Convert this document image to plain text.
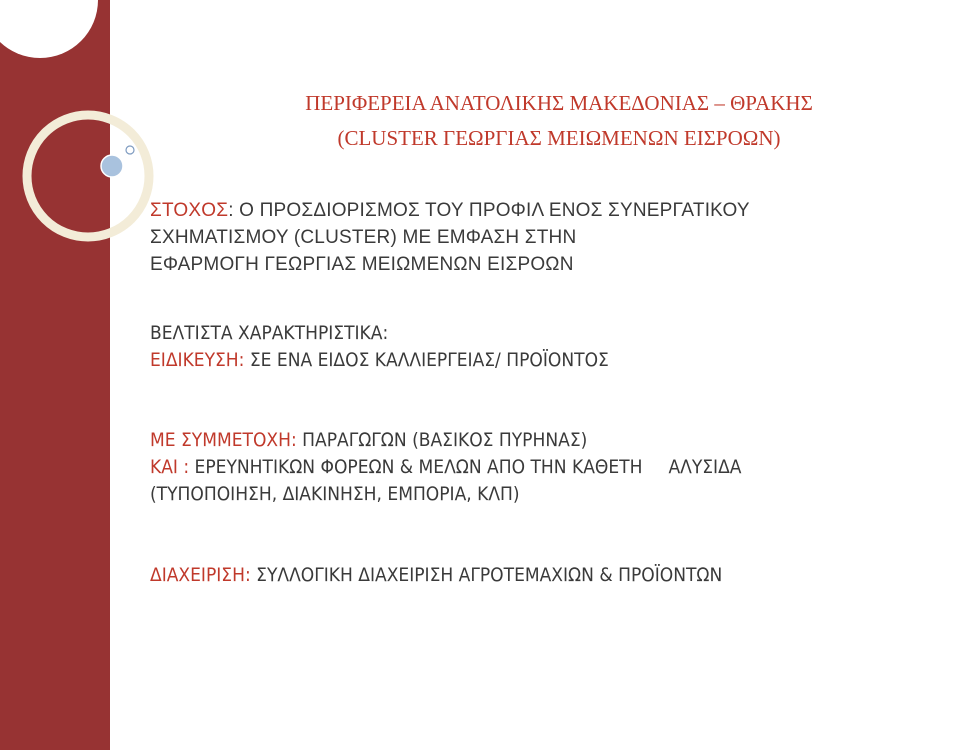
ΠΕΡΙΦΕΡΕΙΑ ΑΝΑΤΟΛΙΚΗΣ ΜΑΚΕΔΟΝΙΑΣ – ΘΡΑΚΗΣ
(CLUSTER ΓΕΩΡΓΙΑΣ ΜΕΙΩΜΕΝΩΝ ΕΙΣΡΟΩΝ)
ΣΤΟΧΟΣ: Ο ΠΡΟΣΔΙΟΡΙΣΜΟΣ ΤΟΥ ΠΡΟΦΙΛ ΕΝΟΣ ΣΥΝΕΡΓΑΤΙΚΟΥ
ΣΧΗΜΑΤΙΣΜΟΥ (CLUSTER) ΜΕ ΕΜΦΑΣΗ ΣΤΗΝ
ΕΦΑΡΜΟΓΗ ΓΕΩΡΓΙΑΣ ΜΕΙΩΜΕΝΩΝ ΕΙΣΡΟΩΝ
ΒΕΛΤΙΣΤΑ ΧΑΡΑΚΤΗΡΙΣΤΙΚΑ:
ΕΙΔΙΚΕΥΣΗ: ΣΕ ΕΝΑ ΕΙΔΟΣ ΚΑΛΛΙΕΡΓΕΙΑΣ/ ΠΡΟΪΟΝΤΟΣ
ΜΕ ΣΥΜΜΕΤΟΧΗ: ΠΑΡΑΓΩΓΩΝ (ΒΑΣΙΚΟΣ ΠΥΡΗΝΑΣ)
ΚΑΙ : ΕΡΕΥΝΗΤΙΚΩΝ ΦΟΡΕΩΝ & ΜΕΛΩΝ ΑΠΟ ΤΗΝ ΚΑΘΕΤΗ ΑΛΥΣΙΔΑ
(ΤΥΠΟΠΟΙΗΣΗ, ΔΙΑΚΙΝΗΣΗ, ΕΜΠΟΡΙΑ, ΚΛΠ)
ΔΙΑΧΕΙΡΙΣΗ: ΣΥΛΛΟΓΙΚΗ ΔΙΑΧΕΙΡΙΣΗ ΑΓΡΟΤΕΜΑΧΙΩΝ & ΠΡΟΪΟΝΤΩΝ
